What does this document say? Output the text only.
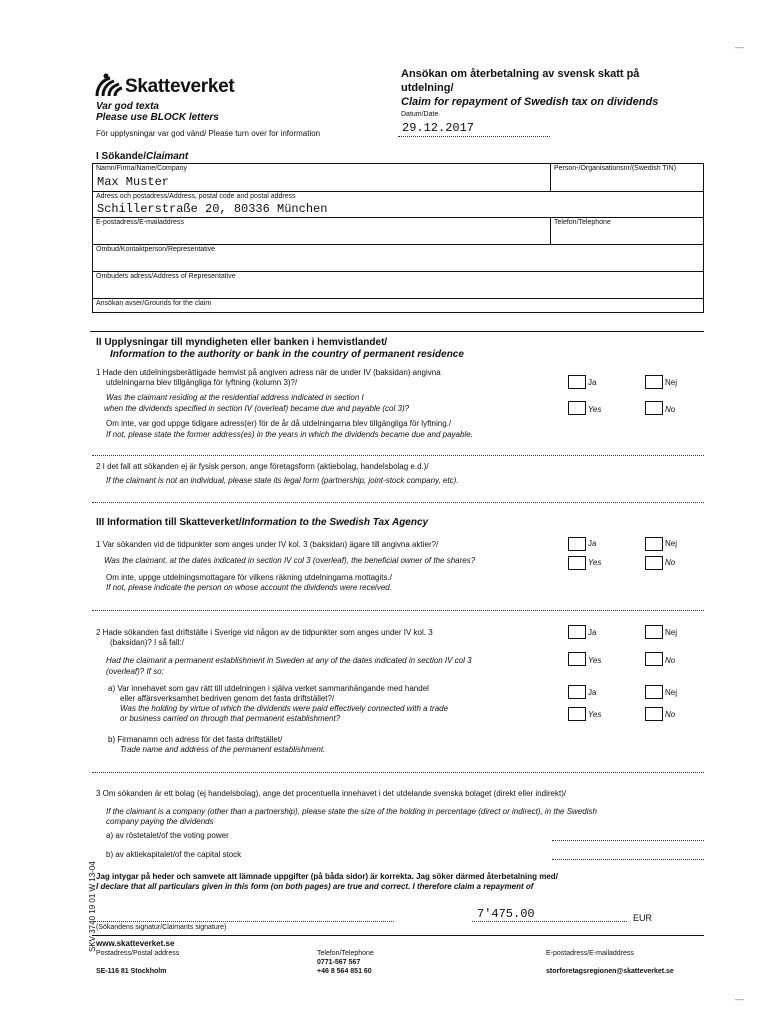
—
—
Skatteverket
Var god texta
Please use BLOCK letters
För upplysningar var god vänd/ Please turn over for information
Ansökan om återbetalning av svensk skatt på
utdelning/
Claim for repayment of Swedish tax on dividends
Datum/Date
29.12.2017
I Sökande/Claimant
Namn/Firma/Name/Company
Max Muster
Person-/Organisationsnr/(Swedish TIN)
Adress och postadress/Address, postal code and postal address
Schillerstraße 20, 80336 München
E-postadress/E-mailaddress	Telefon/Telephone
Ombud/Kontaktperson/Representative
Ombudets adress/Address of Representative
Ansökan avser/Grounds for the claim
II Upplysningar till myndigheten eller banken i hemvistlandet/
Information to the authority or bank in the country of permanent residence
1 Hade den utdelningsberättigade hemvist på angiven adress när de under IV (baksidan) angivna
utdelningarna blev tillgängliga för lyftning (kolumn 3)?/
Was the claimant residing at the residential address indicated in section I
when the dividends specified in section IV (overleaf) became due and payable (col 3)?
Ja	Nej
Yes	No
Om inte, var god uppge tidigare adress(er) för de år då utdelningarna blev tillgängliga för lyftning./
If not, please state the former address(es) in the years in which the dividends became due and payable.
2 I det fall att sökanden ej är fysisk person, ange företagsform (aktiebolag, handelsbolag e.d.)/
If the claimant is not an individual, please state its legal form (partnership, joint-stock company, etc).
III Information till Skatteverket/Information to the Swedish Tax Agency
1 Var sökanden vid de tidpunkter som anges under IV kol. 3 (baksidan) ägare till angivna aktier?/
Was the claimant, at the dates indicated in section IV col 3 (overleaf), the beneficial owner of the shares?
Ja	Nej
Yes	No
Om inte, uppge utdelningsmottagare för vilkens räkning utdelningarna mottagits./
If not, please indicate the person on whose account the dividends were received.
2 Hade sökanden fast driftställe i Sverige vid någon av de tidpunkter som anges under IV kol. 3
(baksidan)? I så fall:/
Ja	Nej
Had the claimant a permanent establishment in Sweden at any of the dates indicated in section IV col 3
(overleaf)? If so:
Yes	No
a) Var innehavet som gav rätt till utdelningen i själva verket sammanhängande med handel
eller affärsverksamhet bedriven genom det fasta driftstället?/
Was the holding by virtue of which the dividends were paid effectively connected with a trade
or business carried on through that permanent establishment?
Ja	Nej
Yes	No
b) Firmanamn och adress för det fasta driftstället/
Trade name and address of the permanent establishment.
3 Om sökanden är ett bolag (ej handelsbolag), ange det procentuella innehavet i det utdelande svenska bolaget (direkt eller indirekt)/
If the claimant is a company (other than a partnership), please state the size of the holding in percentage (direct or indirect), in the Swedish
company paying the dividends
a) av röstetalet/of the voting power
b) av aktiekapitalet/of the capital stock
SKV 3740 19 01 W 13-04 Jag intygar på heder och samvete att lämnade uppgifter (på båda sidor) är korrekta. Jag söker därmed återbetalning med/
I declare that all particulars given in this form (on both pages) are true and correct. I therefore claim a repayment of
7'475.00	EUR
(Sökandens signatur/Claimants signature)
www.skatteverket.se
Postadress/Postal address
SE-116 81 Stockholm
Telefon/Telephone
0771-567 567
+46 8 564 851 60
E-postadress/E-mailaddress
storforetagsregionen@skatteverket.se
